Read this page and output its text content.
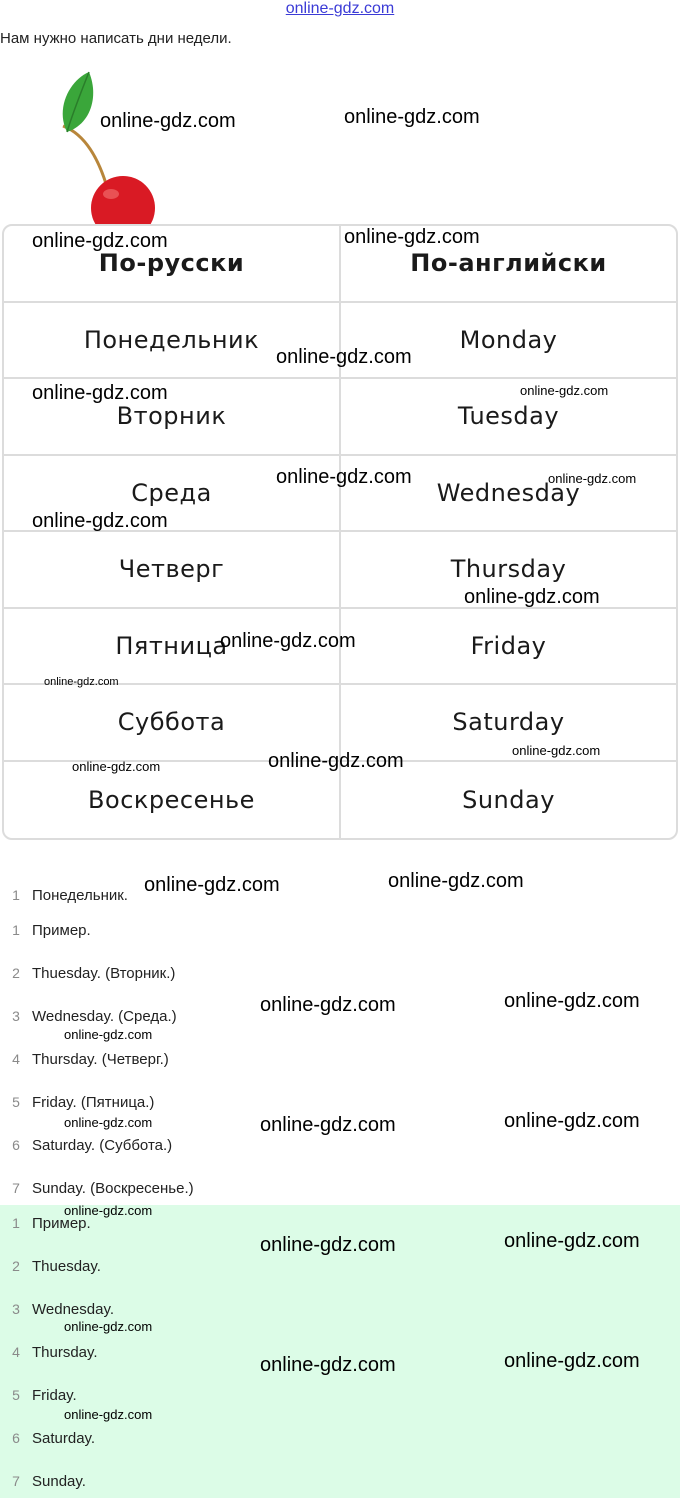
online-gdz.com
Нам нужно написать дни недели.
По-русски	По-английски
Понедельник	Monday
Вторник	Tuesday
Среда	Wednesday
Четверг	Thursday
Пятница	Friday
Суббота	Saturday
Воскресенье	Sunday
1 Понедельник.
1 Пример.
2 Thuesday. (Вторник.)
3 Wednesday. (Среда.)
4 Thursday. (Четверг.)
5 Friday. (Пятница.)
6 Saturday. (Суббота.)
7 Sunday. (Воскресенье.)
1 Пример.
2 Thuesday.
3 Wednesday.
4 Thursday.
5 Friday.
6 Saturday.
7 Sunday.
online-gdz.com	online-gdz.com
online-gdz.com	online-gdz.com
online-gdz.com
online-gdz.com	online-gdz.com
online-gdz.com	online-gdz.com
online-gdz.com
online-gdz.com
online-gdz.com
online-gdz.com
online-gdz.com
online-gdz.com
online-gdz.com
online-gdz.com	online-gdz.com
online-gdz.com	online-gdz.com
online-gdz.com
online-gdz.com	online-gdz.com	online-gdz.com
online-gdz.com
online-gdz.com	online-gdz.com
online-gdz.com
online-gdz.com	online-gdz.com
online-gdz.com
